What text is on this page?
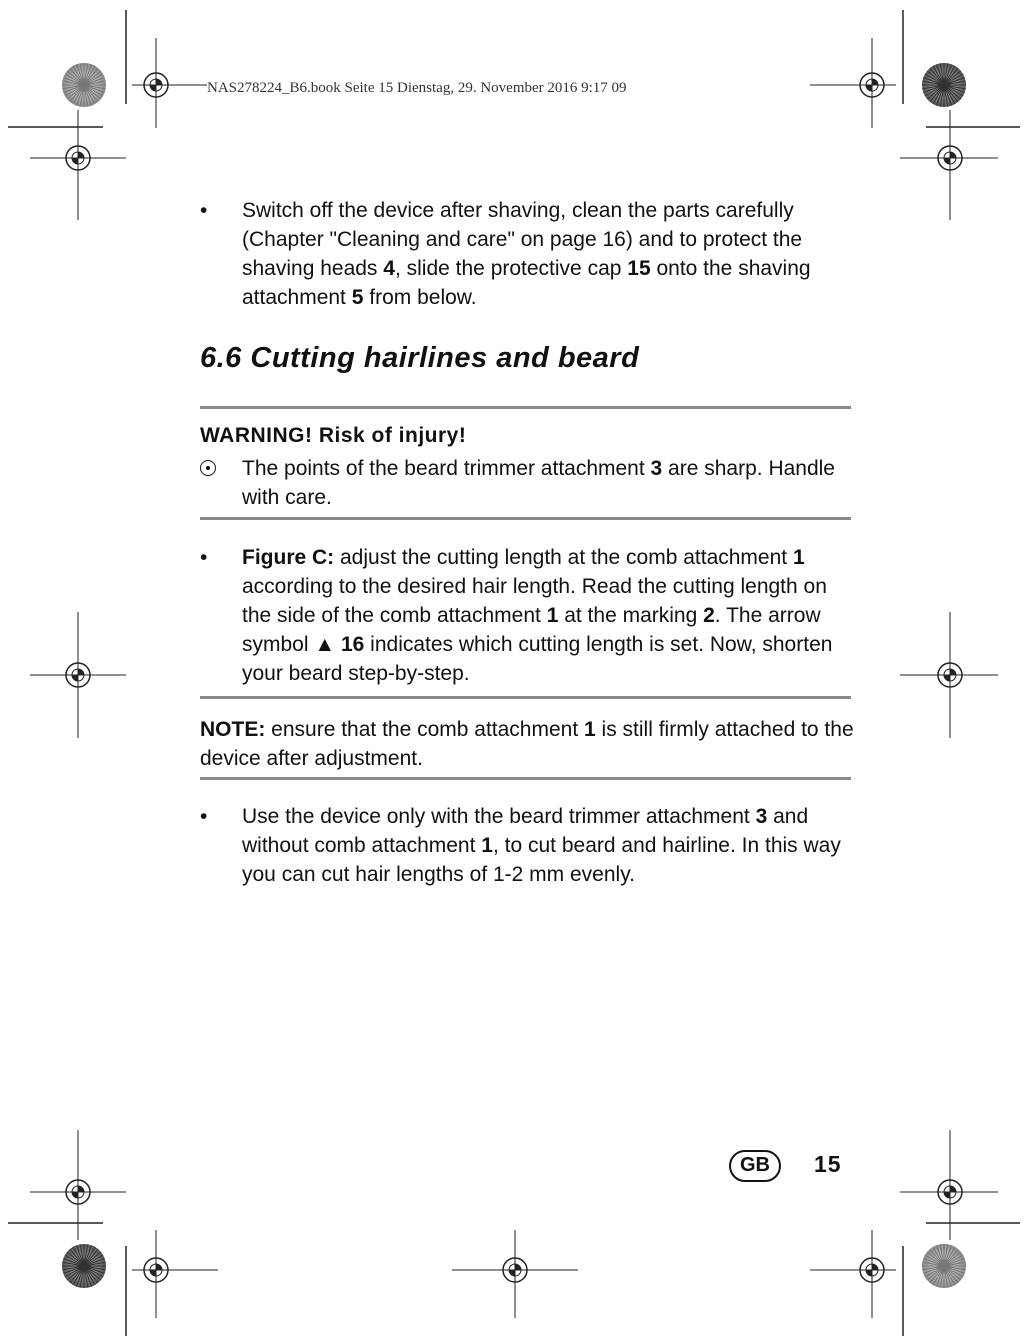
NAS278224_B6.book Seite 15 Dienstag, 29. November 2016 9:17 09
•	Switch off the device after shaving, clean the parts carefully (Chapter "Cleaning and care" on page 16) and to protect the shaving heads 4, slide the protective cap 15 onto the shaving attachment 5 from below.
6.6 Cutting hairlines and beard
WARNING! Risk of injury!
The points of the beard trimmer attachment 3 are sharp. Handle with care.
•	Figure C: adjust the cutting length at the comb attachment 1 according to the desired hair length. Read the cutting length on the side of the comb attachment 1 at the marking 2. The arrow symbol ▲ 16 indicates which cutting length is set. Now, shorten your beard step-by-step.
NOTE: ensure that the comb attachment 1 is still firmly attached to the device after adjustment.
•	Use the device only with the beard trimmer attachment 3 and without comb attachment 1, to cut beard and hairline. In this way you can cut hair lengths of 1-2 mm evenly.
GB	15
